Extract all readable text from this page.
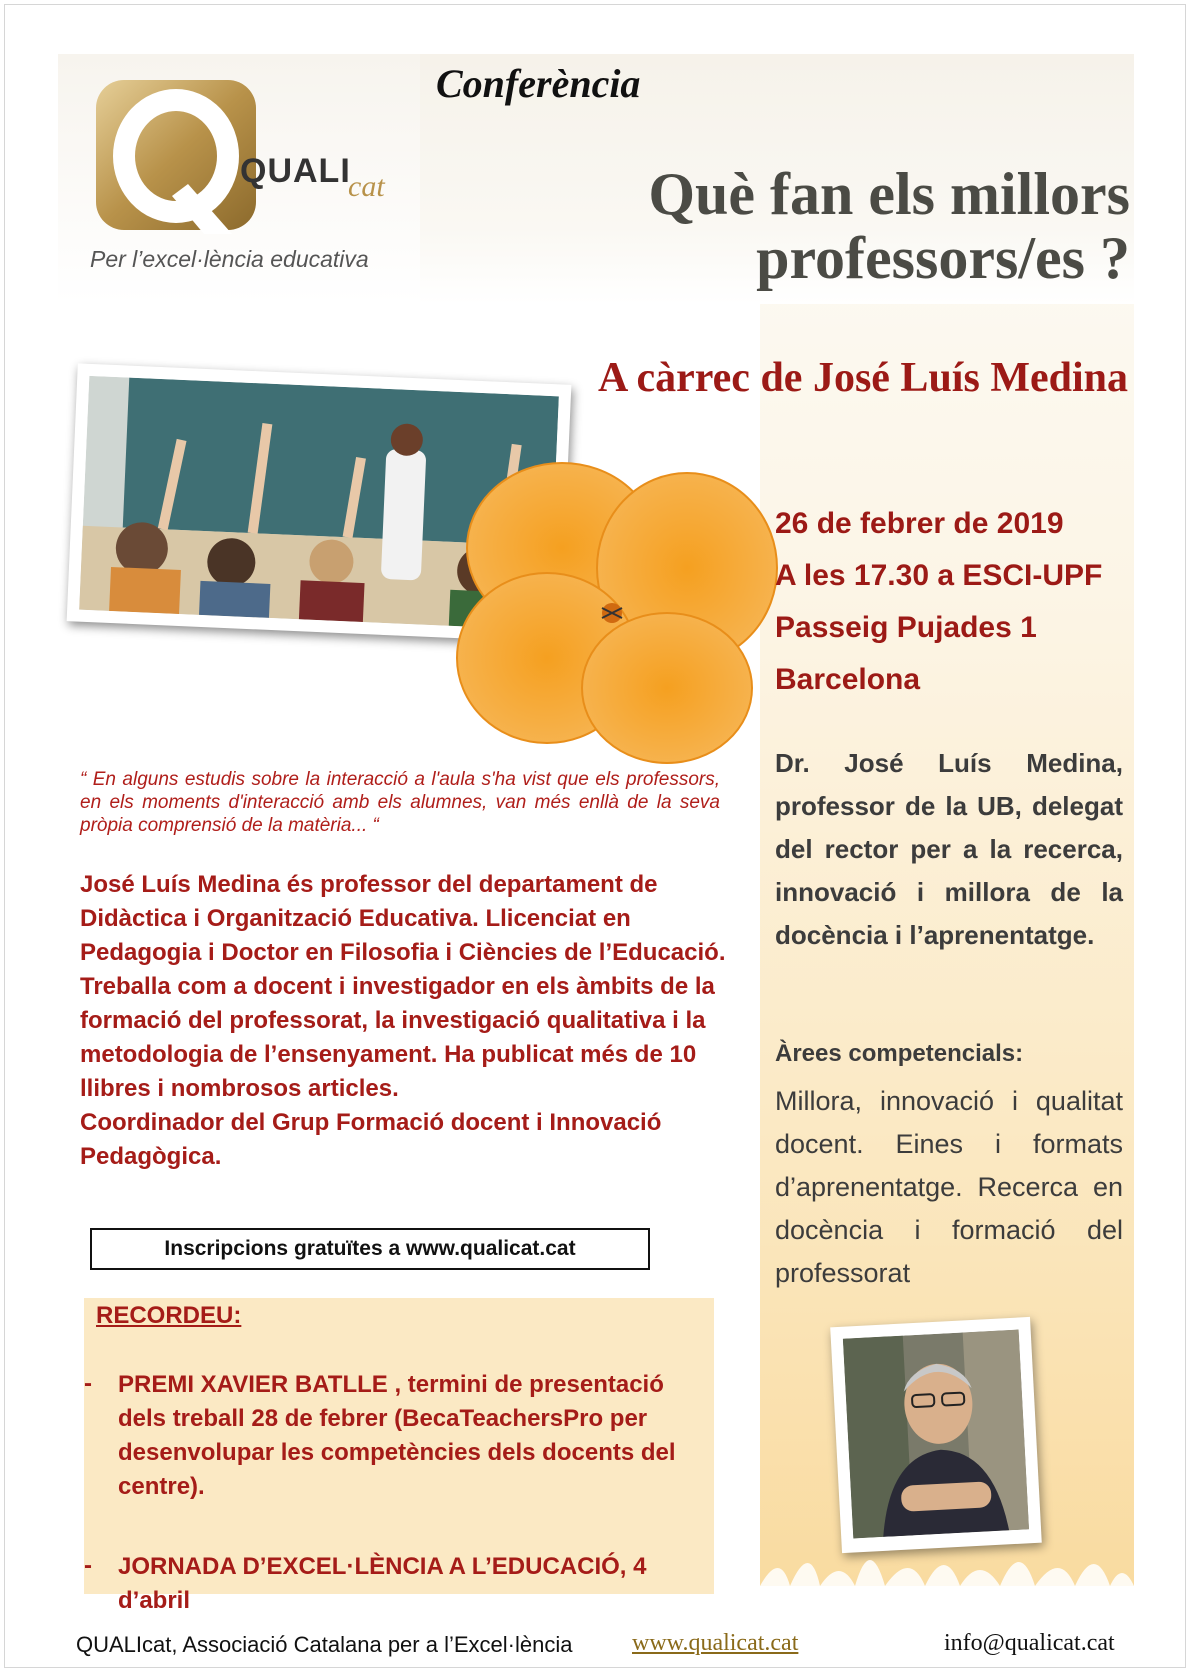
QUALI
cat
Per l’excel·lència educativa
Conferència
Què fan els millors
professors/es ?
A càrrec de José Luís Medina
26 de febrer de 2019
A les 17.30 a ESCI-UPF
Passeig Pujades 1
Barcelona
Dr. José Luís Medina, professor de la UB, delegat del rector per a la recerca, innovació i millora de la docència i l’aprenentatge.
Àrees competencials:
Millora, innovació i qualitat docent. Eines i formats d’aprenentatge. Recerca en docència i formació del professorat
“ En alguns estudis sobre la interacció a l'aula s'ha vist que els professors, en els moments d'interacció amb els alumnes, van més enllà de la seva pròpia comprensió de la matèria... “
José Luís Medina és professor del departament de
Didàctica i Organització Educativa. Llicenciat en
Pedagogia i Doctor en Filosofia i Ciències de l’Educació.
Treballa com a docent i investigador en els àmbits de la
formació del professorat, la investigació qualitativa i la
metodologia de l’ensenyament. Ha publicat més de 10
llibres i nombrosos articles.
Coordinador del Grup Formació docent i Innovació
Pedagògica.
Inscripcions gratuïtes a www.qualicat.cat
RECORDEU:
- PREMI XAVIER BATLLE , termini de presentació dels treball 28 de febrer (BecaTeachersPro per desenvolupar les competències dels docents del centre).
- JORNADA D’EXCEL·LÈNCIA A L’EDUCACIÓ, 4 d’abril
QUALIcat, Associació Catalana per a l’Excel·lència www.qualicat.cat	info@qualicat.cat
